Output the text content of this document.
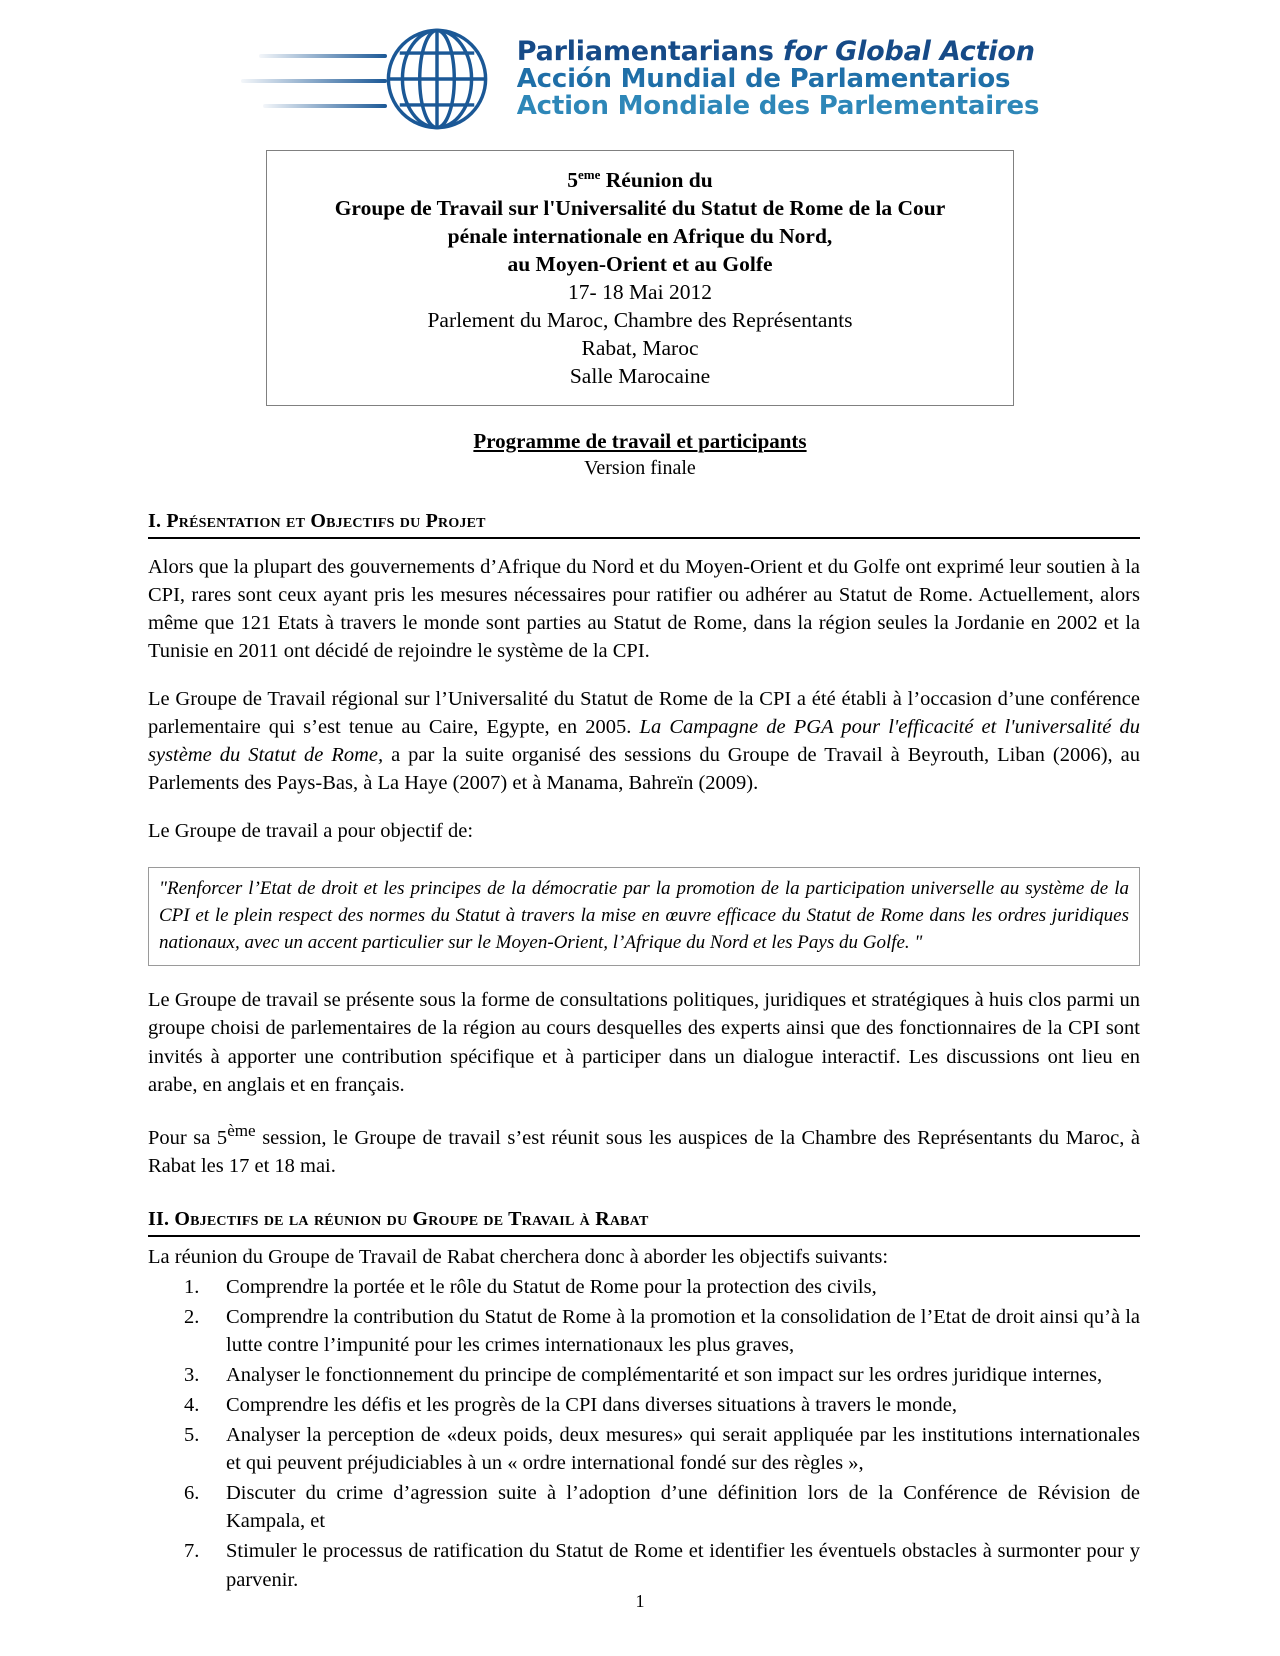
Parliamentarians for Global Action
Acción Mundial de Parlamentarios
Action Mondiale des Parlementaires
5eme Réunion du
Groupe de Travail sur l'Universalité du Statut de Rome de la Cour
pénale internationale en Afrique du Nord,
au Moyen-Orient et au Golfe
17- 18 Mai 2012
Parlement du Maroc, Chambre des Représentants
Rabat, Maroc
Salle Marocaine
Programme de travail et participants
Version finale
I. Présentation et Objectifs du Projet

Alors que la plupart des gouvernements d’Afrique du Nord et du Moyen-Orient et du Golfe ont exprimé leur soutien à la CPI, rares sont ceux ayant pris les mesures nécessaires pour ratifier ou adhérer au Statut de Rome. Actuellement, alors même que 121 Etats à travers le monde sont parties au Statut de Rome, dans la région seules la Jordanie en 2002 et la Tunisie en 2011 ont décidé de rejoindre le système de la CPI.

Le Groupe de Travail régional sur l’Universalité du Statut de Rome de la CPI a été établi à l’occasion d’une conférence parlementaire qui s’est tenue au Caire, Egypte, en 2005. La Campagne de PGA pour l'efficacité et l'universalité du système du Statut de Rome, a par la suite organisé des sessions du Groupe de Travail à Beyrouth, Liban (2006), au Parlements des Pays-Bas, à La Haye (2007) et à Manama, Bahreïn (2009).

Le Groupe de travail a pour objectif de:

"Renforcer l’Etat de droit et les principes de la démocratie par la promotion de la participation universelle au système de la CPI et le plein respect des normes du Statut à travers la mise en œuvre efficace du Statut de Rome dans les ordres juridiques nationaux, avec un accent particulier sur le Moyen-Orient, l’Afrique du Nord et les Pays du Golfe. "

Le Groupe de travail se présente sous la forme de consultations politiques, juridiques et stratégiques à huis clos parmi un groupe choisi de parlementaires de la région au cours desquelles des experts ainsi que des fonctionnaires de la CPI sont invités à apporter une contribution spécifique et à participer dans un dialogue interactif. Les discussions ont lieu en arabe, en anglais et en français.

Pour sa 5ème session, le Groupe de travail s’est réunit sous les auspices de la Chambre des Représentants du Maroc, à Rabat les 17 et 18 mai.

II. Objectifs de la réunion du Groupe de Travail à Rabat

La réunion du Groupe de Travail de Rabat cherchera donc à aborder les objectifs suivants:

Comprendre la portée et le rôle du Statut de Rome pour la protection des civils,
Comprendre la contribution du Statut de Rome à la promotion et la consolidation de l’Etat de droit ainsi qu’à la lutte contre l’impunité pour les crimes internationaux les plus graves,
Analyser le fonctionnement du principe de complémentarité et son impact sur les ordres juridique internes,
Comprendre les défis et les progrès de la CPI dans diverses situations à travers le monde,
Analyser la perception de «deux poids, deux mesures» qui serait appliquée par les institutions internationales et qui peuvent préjudiciables à un « ordre international fondé sur des règles »,
Discuter du crime d’agression suite à l’adoption d’une définition lors de la Conférence de Révision de Kampala, et
Stimuler le processus de ratification du Statut de Rome et identifier les éventuels obstacles à surmonter pour y parvenir.
1
